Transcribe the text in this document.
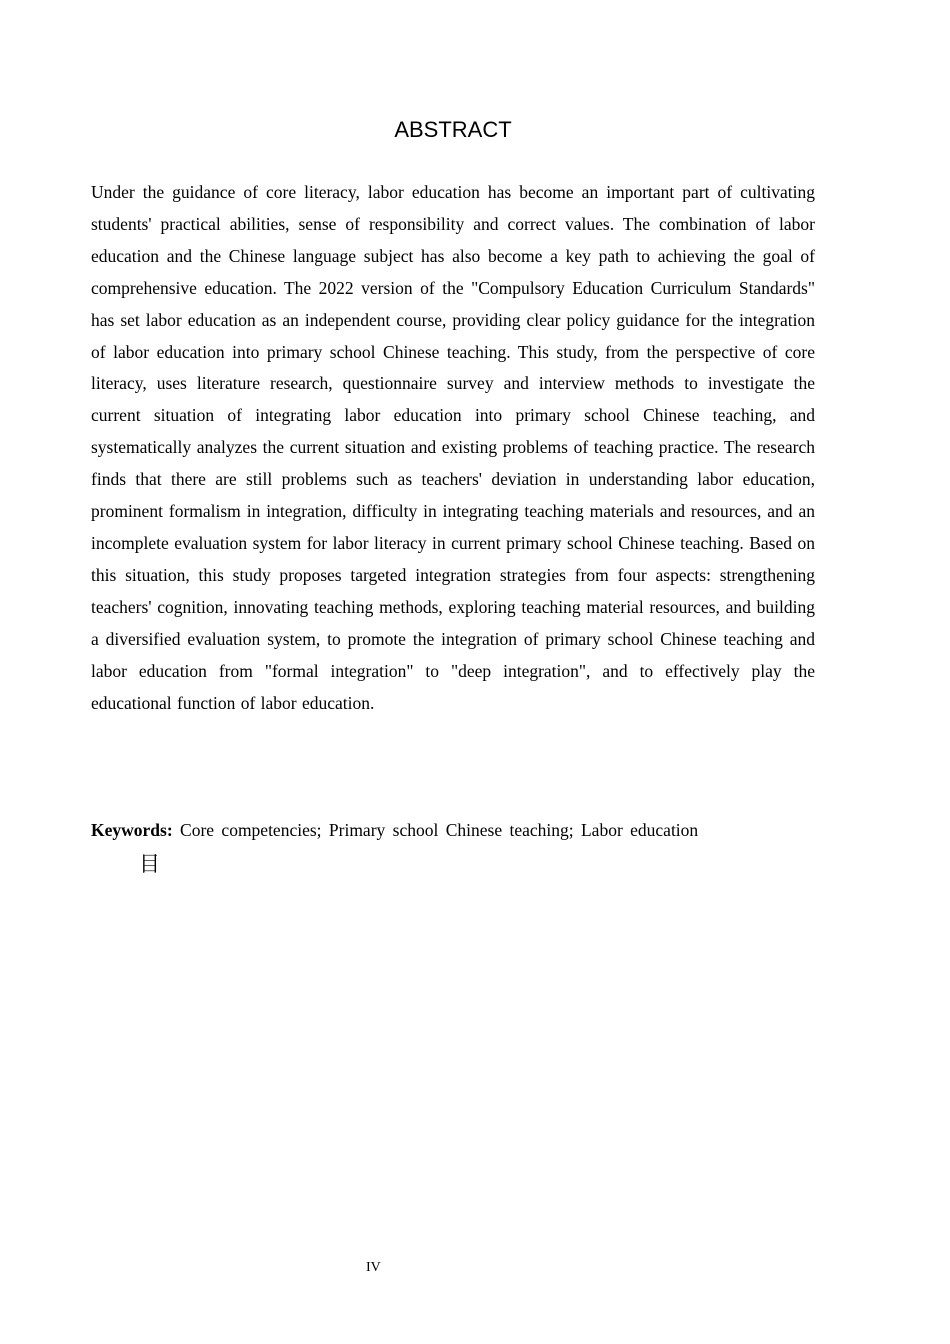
ABSTRACT

Under the guidance of core literacy, labor education has become an important part of cultivating students' practical abilities, sense of responsibility and correct values. The combination of labor education and the Chinese language subject has also become a key path to achieving the goal of comprehensive education. The 2022 version of the "Compulsory Education Curriculum Standards" has set labor education as an independent course, providing clear policy guidance for the integration of labor education into primary school Chinese teaching. This study, from the perspective of core literacy, uses literature research, questionnaire survey and interview methods to investigate the current situation of integrating labor education into primary school Chinese teaching, and systematically analyzes the current situation and existing problems of teaching practice. The research finds that there are still problems such as teachers' deviation in understanding labor education, prominent formalism in integration, difficulty in integrating teaching materials and resources, and an incomplete evaluation system for labor literacy in current primary school Chinese teaching. Based on this situation, this study proposes targeted integration strategies from four aspects: strengthening teachers' cognition, innovating teaching methods, exploring teaching material resources, and building a diversified evaluation system, to promote the integration of primary school Chinese teaching and labor education from "formal integration" to "deep integration", and to effectively play the educational function of labor education.

Keywords: Core competencies; Primary school Chinese teaching; Labor education

目
IV
